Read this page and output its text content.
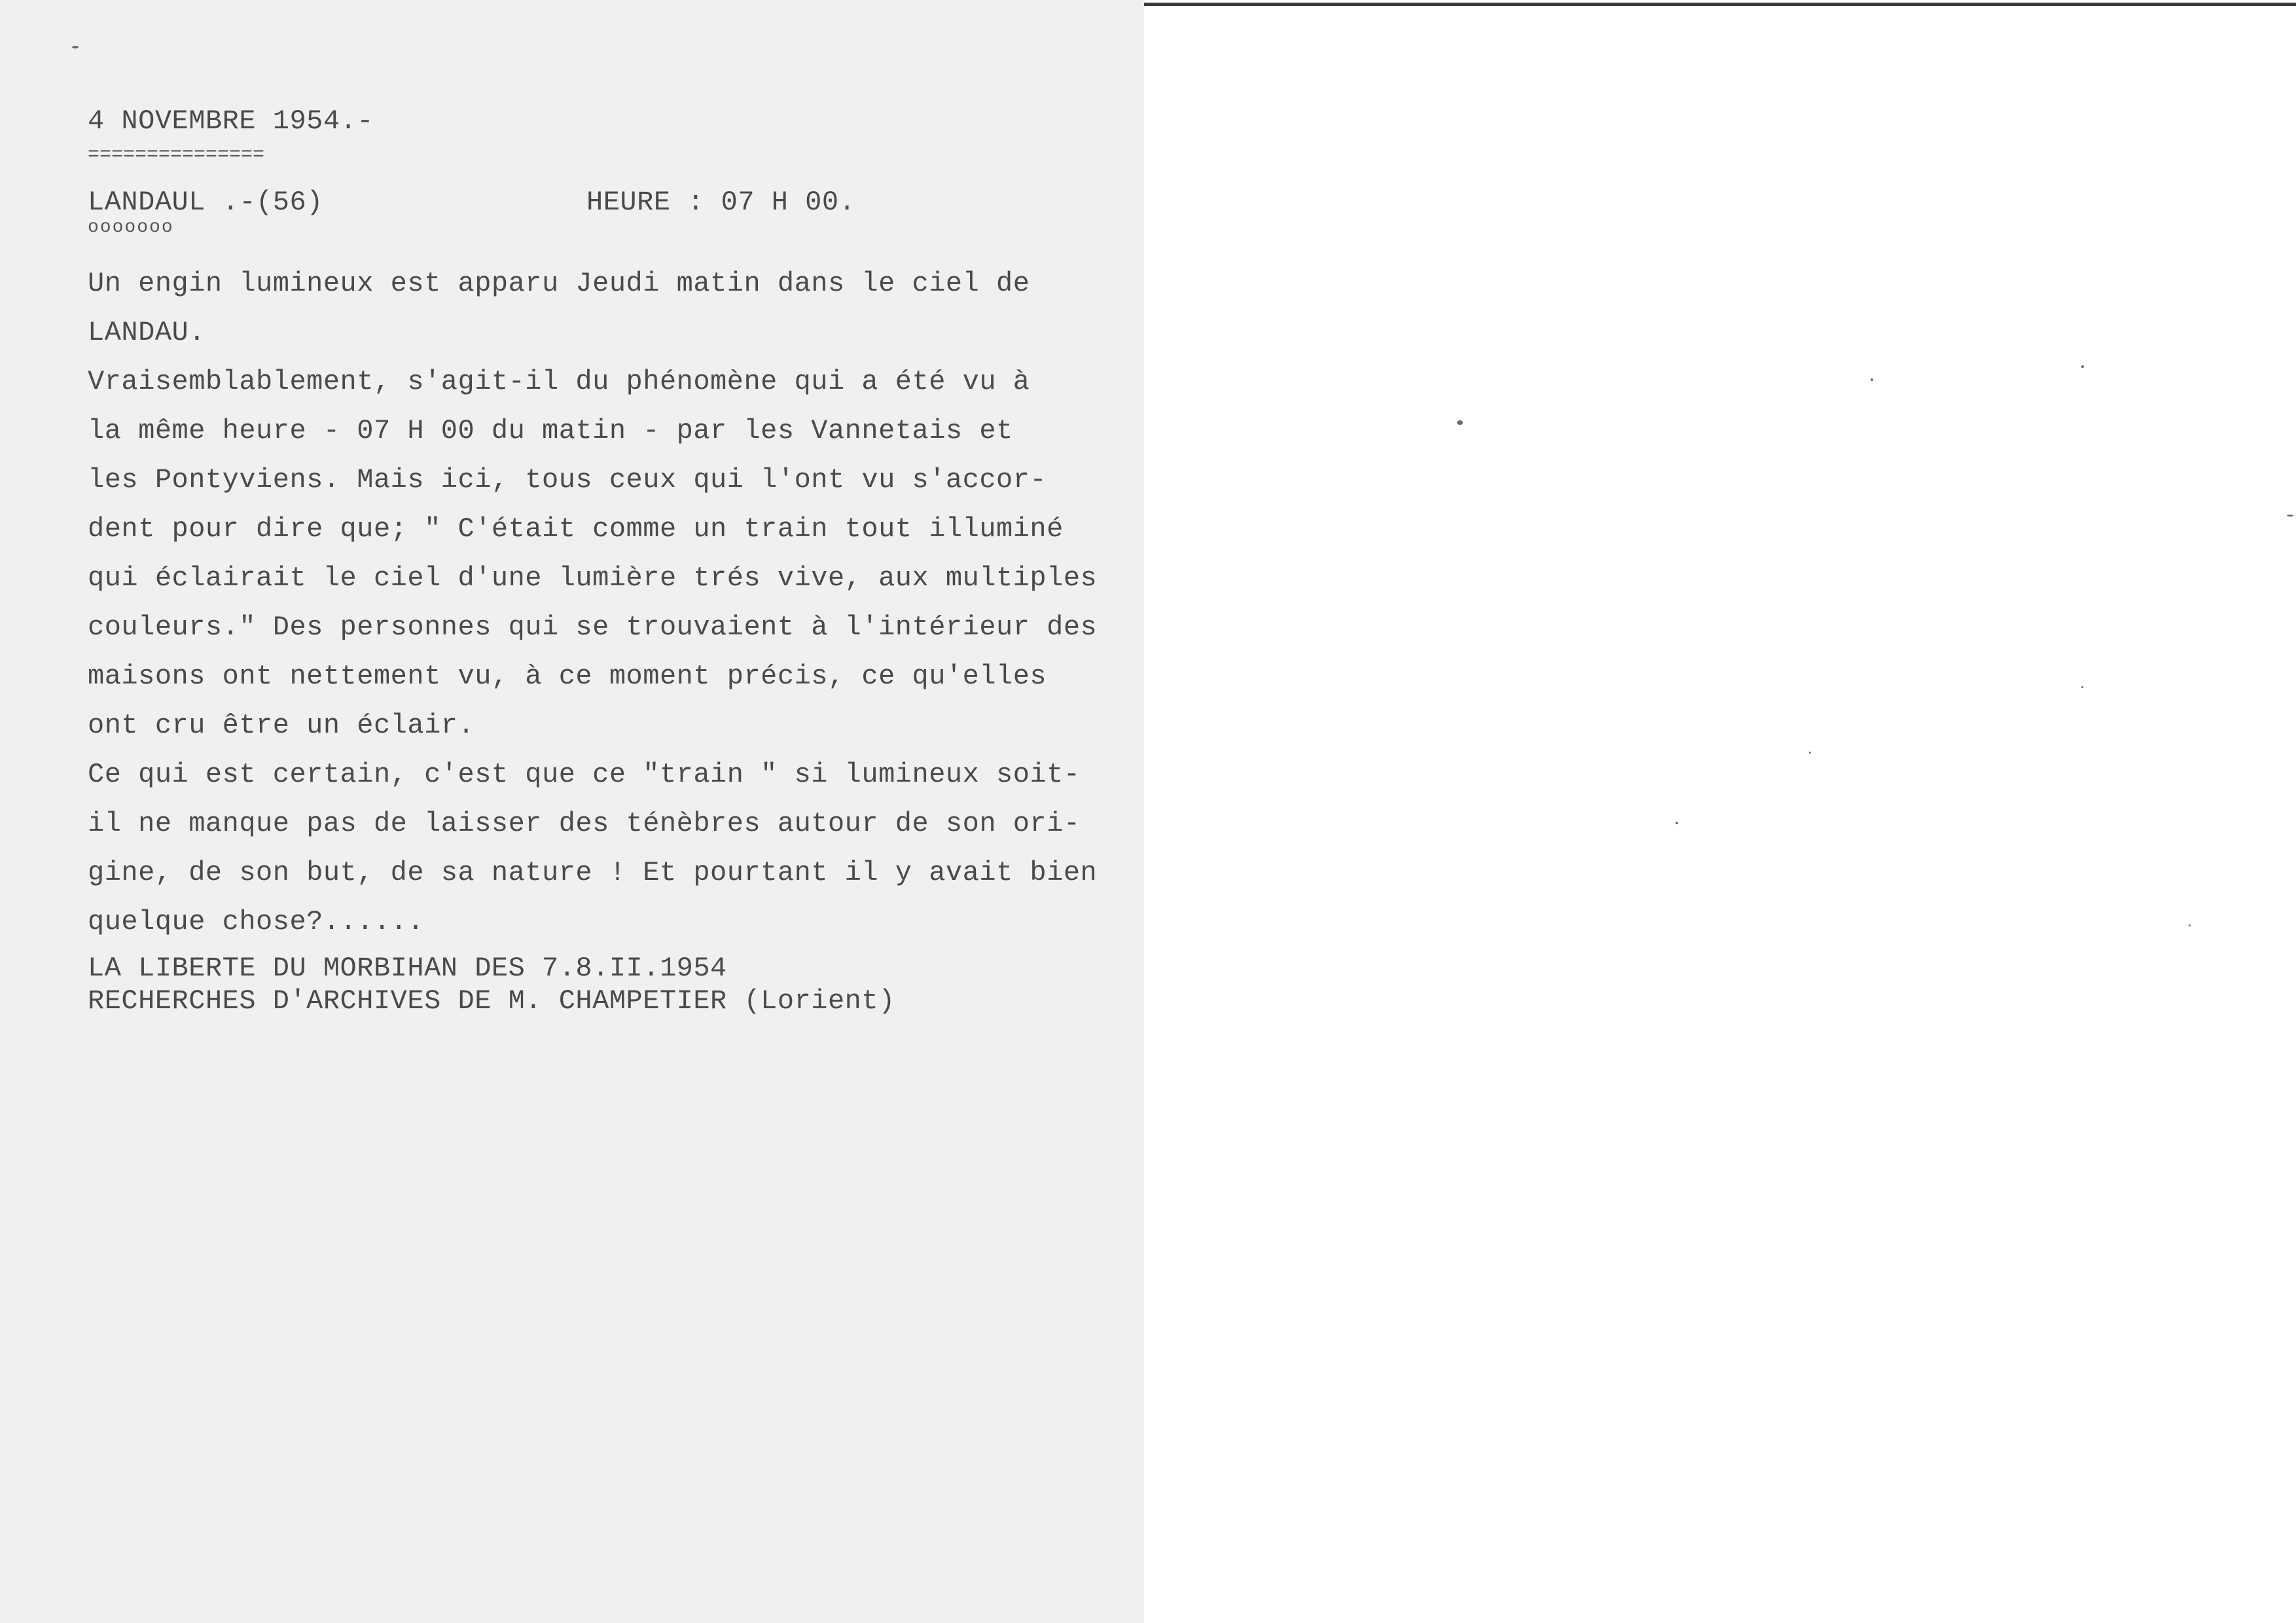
4 NOVEMBRE 1954.-
===============
LANDAUL .-(56)	HEURE : 07 H 00.
ooooooo
Un engin lumineux est apparu Jeudi matin dans le ciel de
LANDAU.
Vraisemblablement, s'agit-il du phénomène qui a été vu à
la même heure - 07 H 00 du matin - par les Vannetais et
les Pontyviens. Mais ici, tous ceux qui l'ont vu s'accor-
dent pour dire que; " C'était comme un train tout illuminé
qui éclairait le ciel d'une lumière trés vive, aux multiples
couleurs." Des personnes qui se trouvaient à l'intérieur des
maisons ont nettement vu, à ce moment précis, ce qu'elles
ont cru être un éclair.
Ce qui est certain, c'est que ce "train " si lumineux soit-
il ne manque pas de laisser des ténèbres autour de son ori-
gine, de son but, de sa nature ! Et pourtant il y avait bien
quelque chose?......
LA LIBERTE DU MORBIHAN DES 7.8.II.1954
RECHERCHES D'ARCHIVES DE M. CHAMPETIER (Lorient)
